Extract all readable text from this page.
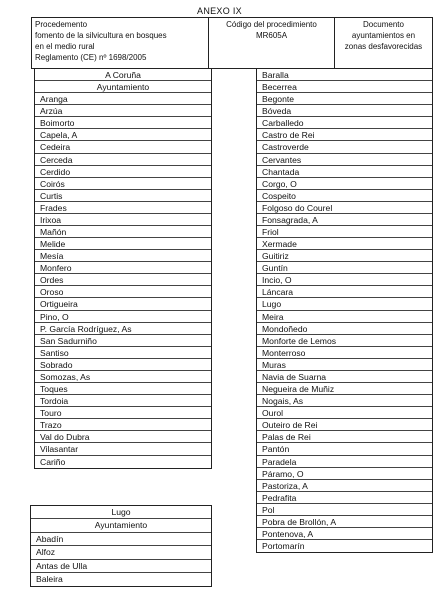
ANEXO IX
Procedemento
fomento de la silvicultura en bosques
en el medio rural
Reglamento (CE) nº 1698/2005
Código del procedimiento
MR605A
Documento
ayuntamientos en
zonas desfavorecidas
A Coruña
Ayuntamiento
Aranga
Arzúa
Boimorto
Capela, A
Cedeira
Cerceda
Cerdido
Coirós
Curtis
Frades
Irixoa
Mañón
Melide
Mesía
Monfero
Ordes
Oroso
Ortigueira
Pino, O
P. García Rodríguez, As
San Sadurniño
Santiso
Sobrado
Somozas, As
Toques
Tordoia
Touro
Trazo
Val do Dubra
Vilasantar
Cariño
Baralla
Becerrea
Begonte
Bóveda
Carballedo
Castro de Rei
Castroverde
Cervantes
Chantada
Corgo, O
Cospeito
Folgoso do Courel
Fonsagrada, A
Friol
Xermade
Guitiriz
Guntín
Incio, O
Láncara
Lugo
Meira
Mondoñedo
Monforte de Lemos
Monterroso
Muras
Navia de Suarna
Negueira de Muñiz
Nogais, As
Ourol
Outeiro de Rei
Palas de Rei
Pantón
Paradela
Páramo, O
Pastoriza, A
Pedrafita
Pol
Pobra de Brollón, A
Pontenova, A
Portomarín
Lugo
Ayuntamiento
Abadín
Alfoz
Antas de Ulla
Baleira
